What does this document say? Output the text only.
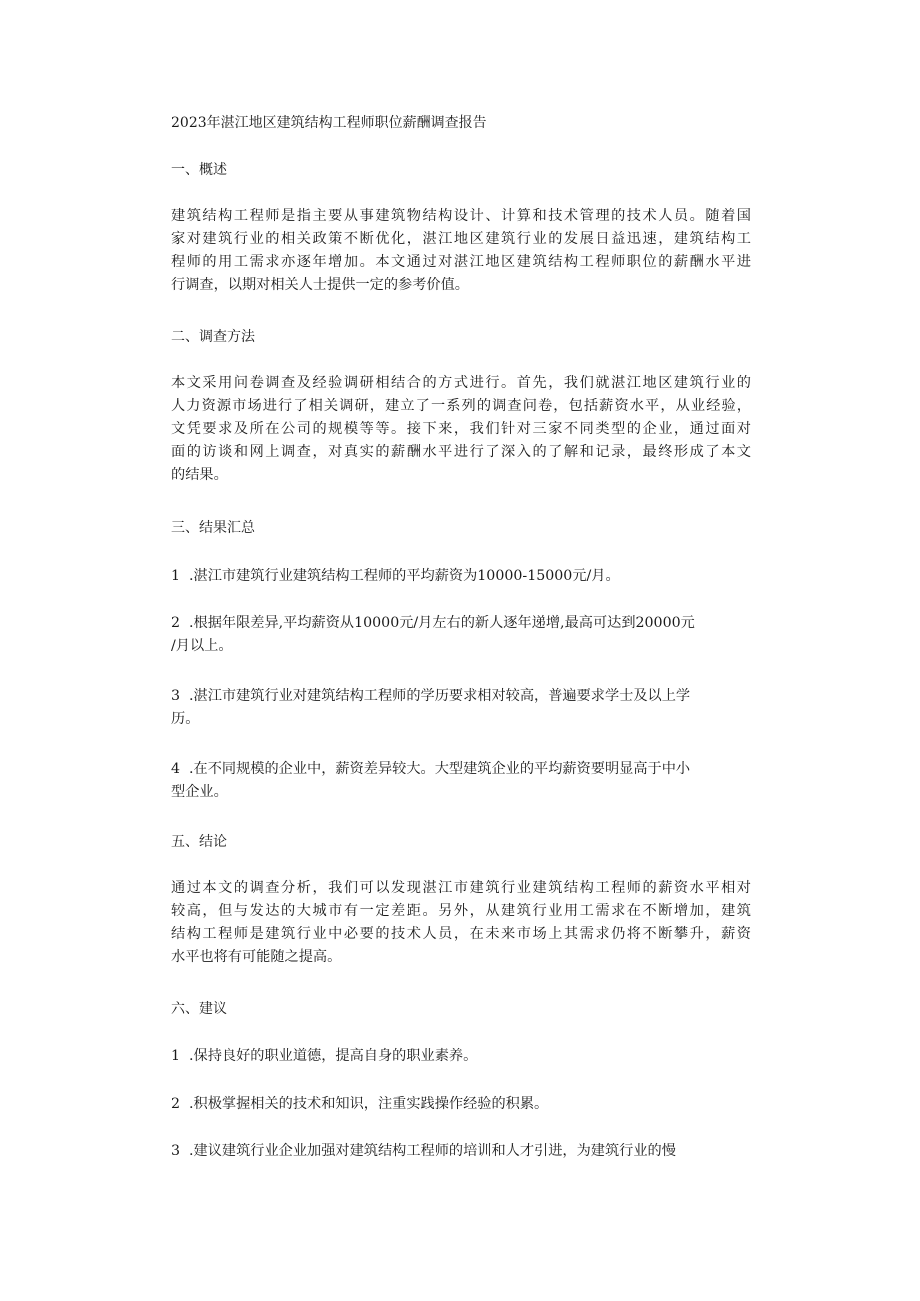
2023年湛江地区建筑结构工程师职位薪酬调查报告
一、概述
建筑结构工程师是指主要从事建筑物结构设计、计算和技术管理的技术人员。随着国
家对建筑行业的相关政策不断优化，湛江地区建筑行业的发展日益迅速，建筑结构工
程师的用工需求亦逐年增加。本文通过对湛江地区建筑结构工程师职位的薪酬水平进
行调查，以期对相关人士提供一定的参考价值。
二、调查方法
本文采用问卷调查及经验调研相结合的方式进行。首先，我们就湛江地区建筑行业的
人力资源市场进行了相关调研，建立了一系列的调查问卷，包括薪资水平，从业经验，
文凭要求及所在公司的规模等等。接下来，我们针对三家不同类型的企业，通过面对
面的访谈和网上调查，对真实的薪酬水平进行了深入的了解和记录，最终形成了本文
的结果。
三、结果汇总
1 .湛江市建筑行业建筑结构工程师的平均薪资为10000-15000元/月。
2 .根据年限差异,平均薪资从10000元/月左右的新人逐年递增,最高可达到20000元
/月以上。
3 .湛江市建筑行业对建筑结构工程师的学历要求相对较高，普遍要求学士及以上学
历。
4 .在不同规模的企业中，薪资差异较大。大型建筑企业的平均薪资要明显高于中小
型企业。
五、结论
通过本文的调查分析，我们可以发现湛江市建筑行业建筑结构工程师的薪资水平相对
较高，但与发达的大城市有一定差距。另外，从建筑行业用工需求在不断增加，建筑
结构工程师是建筑行业中必要的技术人员，在未来市场上其需求仍将不断攀升，薪资
水平也将有可能随之提高。
六、建议
1 .保持良好的职业道德，提高自身的职业素养。
2 .积极掌握相关的技术和知识，注重实践操作经验的积累。
3 .建议建筑行业企业加强对建筑结构工程师的培训和人才引进，为建筑行业的慢
